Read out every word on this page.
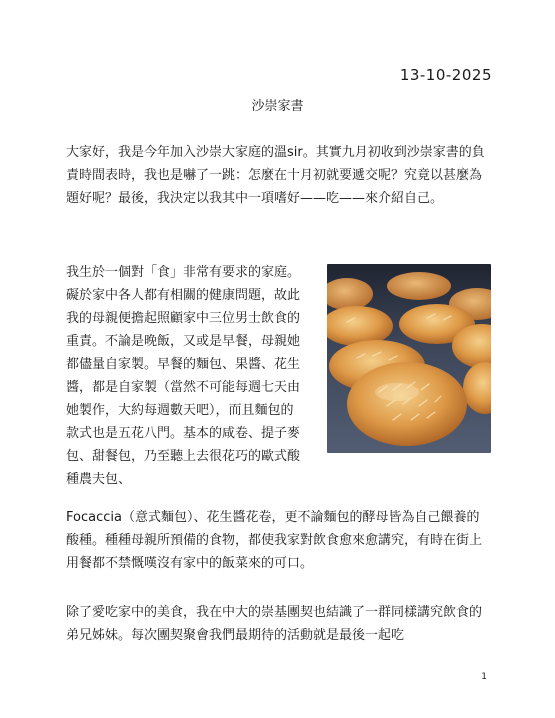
13-10-2025
沙崇家書

大家好，我是今年加入沙崇大家庭的溫sir。其實九月初收到沙崇家書的負責時間表時，我也是嚇了一跳：怎麼在十月初就要遞交呢？究竟以甚麼為題好呢？最後，我決定以我其中一項嗜好——吃——來介紹自己。

我生於一個對「食」非常有要求的家庭。礙於家中各人都有相關的健康問題，故此我的母親便擔起照顧家中三位男士飲食的重責。不論是晚飯，又或是早餐，母親她都儘量自家製。早餐的麵包、果醬、花生醬，都是自家製（當然不可能每週七天由她製作，大約每週數天吧），而且麵包的款式也是五花八門。基本的咸卷、提子麥包、甜餐包，乃至聽上去很花巧的歐式酸種農夫包、

Focaccia（意式麵包）、花生醬花卷，更不論麵包的酵母皆為自己餵養的酸種。種種母親所預備的食物，都使我家對飲食愈來愈講究，有時在街上用餐都不禁慨嘆沒有家中的飯菜來的可口。

除了愛吃家中的美食，我在中大的崇基團契也結識了一群同樣講究飲食的弟兄姊妹。每次團契聚會我們最期待的活動就是最後一起吃

1
